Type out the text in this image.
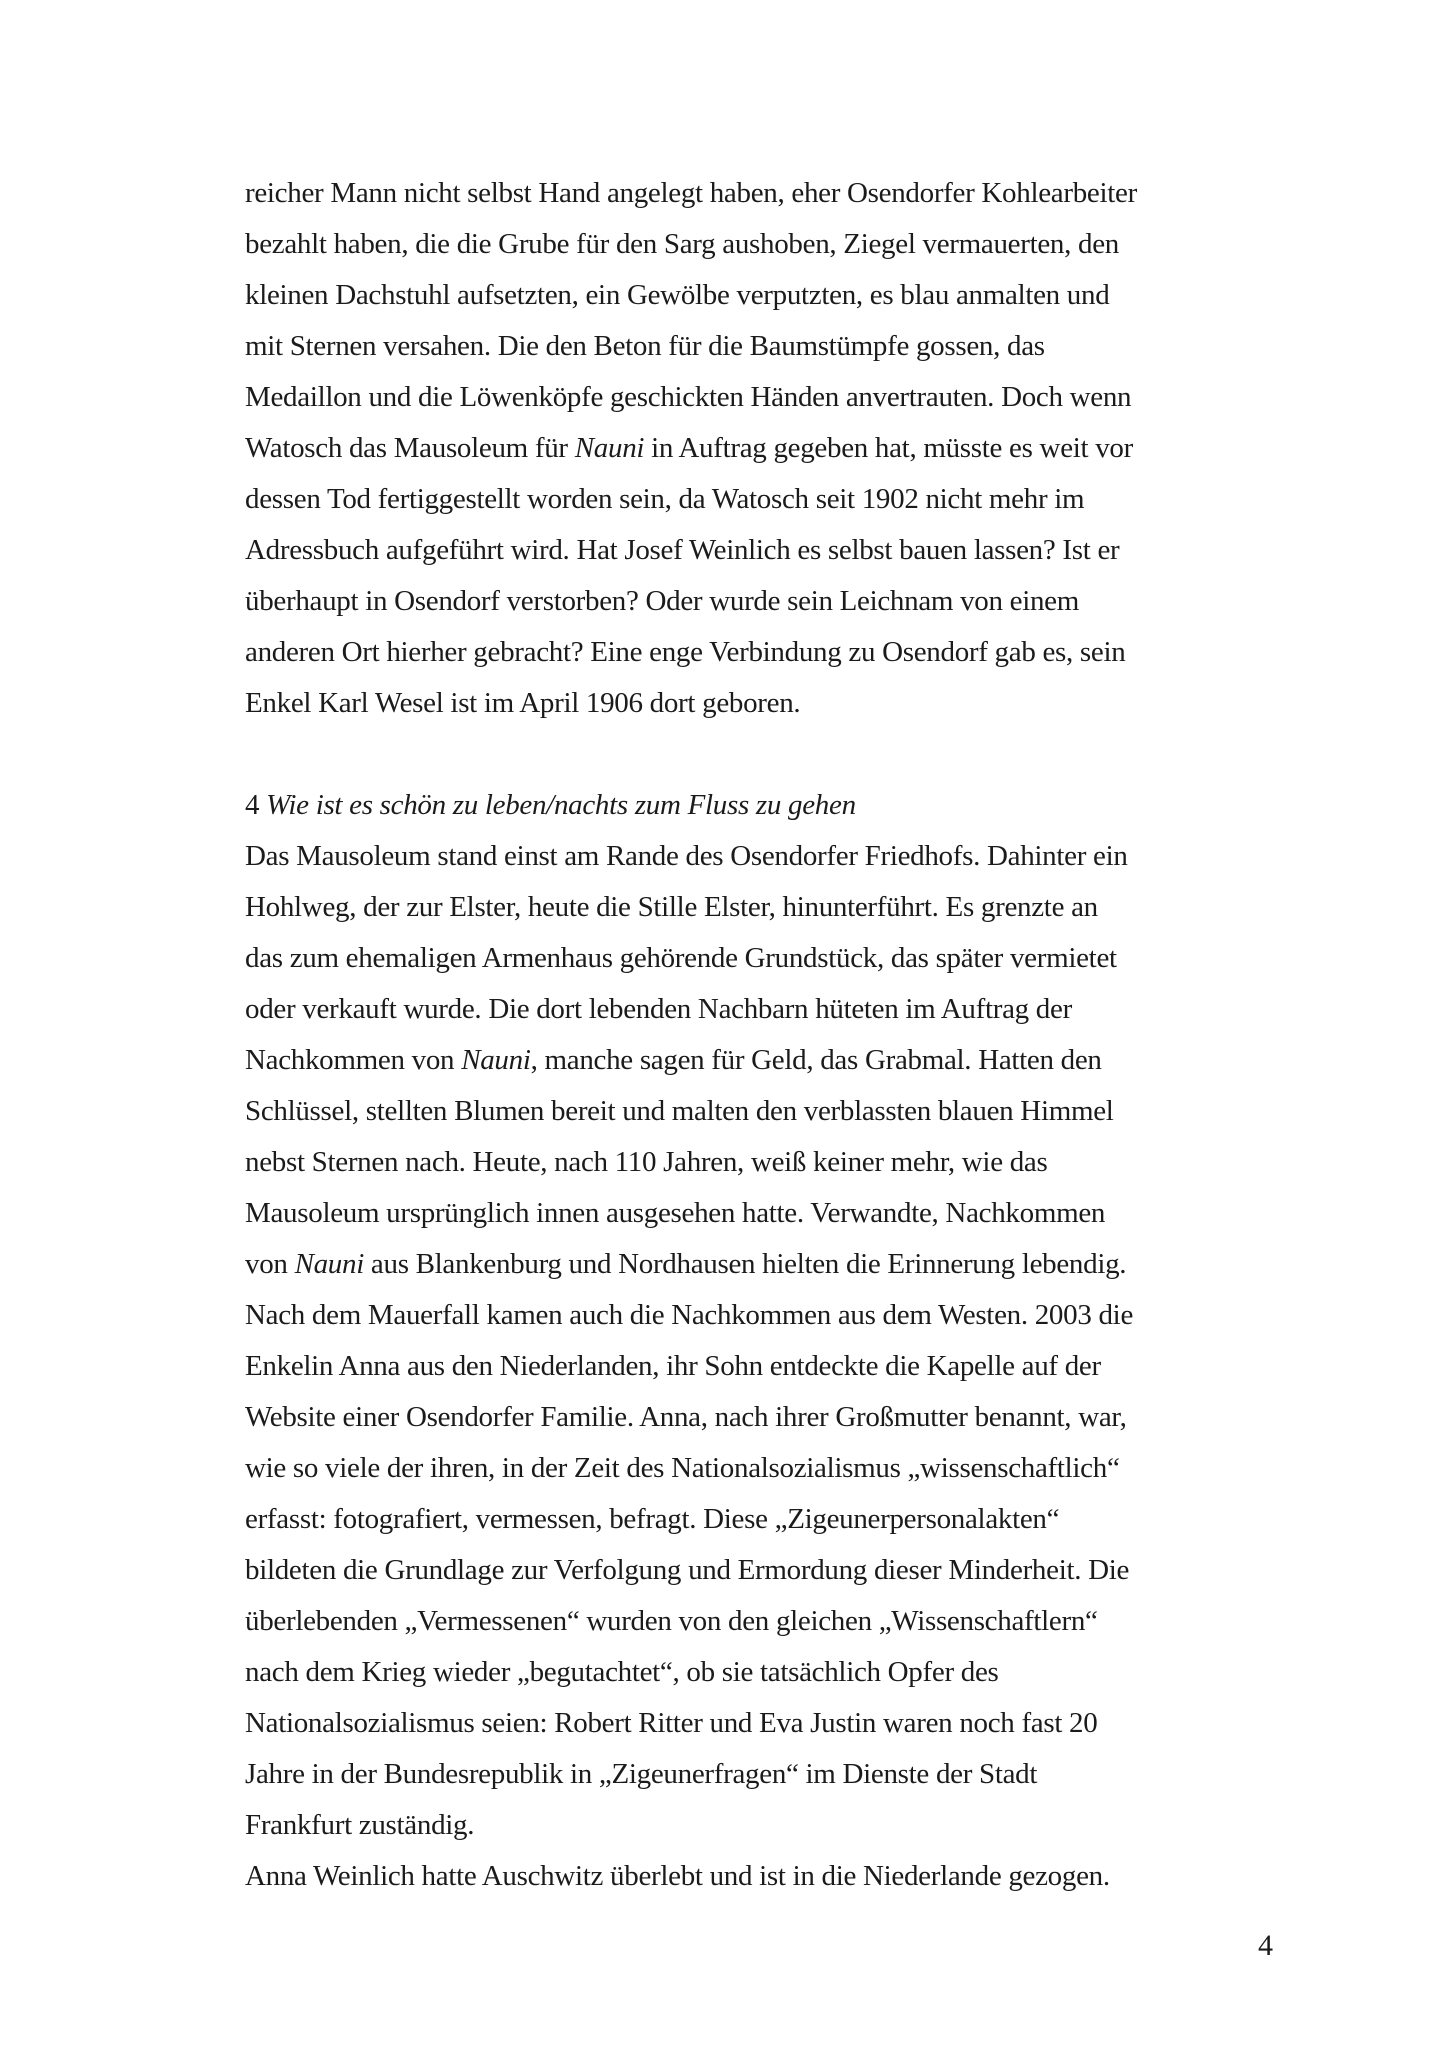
reicher Mann nicht selbst Hand angelegt haben, eher Osendorfer Kohlearbeiter
bezahlt haben, die die Grube für den Sarg aushoben, Ziegel vermauerten, den
kleinen Dachstuhl aufsetzten, ein Gewölbe verputzten, es blau anmalten und
mit Sternen versahen. Die den Beton für die Baumstümpfe gossen, das
Medaillon und die Löwenköpfe geschickten Händen anvertrauten. Doch wenn
Watosch das Mausoleum für Nauni in Auftrag gegeben hat, müsste es weit vor
dessen Tod fertiggestellt worden sein, da Watosch seit 1902 nicht mehr im
Adressbuch aufgeführt wird. Hat Josef Weinlich es selbst bauen lassen? Ist er
überhaupt in Osendorf verstorben? Oder wurde sein Leichnam von einem
anderen Ort hierher gebracht? Eine enge Verbindung zu Osendorf gab es, sein
Enkel Karl Wesel ist im April 1906 dort geboren.
4 Wie ist es schön zu leben/nachts zum Fluss zu gehen
Das Mausoleum stand einst am Rande des Osendorfer Friedhofs. Dahinter ein
Hohlweg, der zur Elster, heute die Stille Elster, hinunterführt. Es grenzte an
das zum ehemaligen Armenhaus gehörende Grundstück, das später vermietet
oder verkauft wurde. Die dort lebenden Nachbarn hüteten im Auftrag der
Nachkommen von Nauni, manche sagen für Geld, das Grabmal. Hatten den
Schlüssel, stellten Blumen bereit und malten den verblassten blauen Himmel
nebst Sternen nach. Heute, nach 110 Jahren, weiß keiner mehr, wie das
Mausoleum ursprünglich innen ausgesehen hatte. Verwandte, Nachkommen
von Nauni aus Blankenburg und Nordhausen hielten die Erinnerung lebendig.
Nach dem Mauerfall kamen auch die Nachkommen aus dem Westen. 2003 die
Enkelin Anna aus den Niederlanden, ihr Sohn entdeckte die Kapelle auf der
Website einer Osendorfer Familie. Anna, nach ihrer Großmutter benannt, war,
wie so viele der ihren, in der Zeit des Nationalsozialismus „wissenschaftlich“
erfasst: fotografiert, vermessen, befragt. Diese „Zigeunerpersonalakten“
bildeten die Grundlage zur Verfolgung und Ermordung dieser Minderheit. Die
überlebenden „Vermessenen“ wurden von den gleichen „Wissenschaftlern“
nach dem Krieg wieder „begutachtet“, ob sie tatsächlich Opfer des
Nationalsozialismus seien: Robert Ritter und Eva Justin waren noch fast 20
Jahre in der Bundesrepublik in „Zigeunerfragen“ im Dienste der Stadt
Frankfurt zuständig.
Anna Weinlich hatte Auschwitz überlebt und ist in die Niederlande gezogen.
4
